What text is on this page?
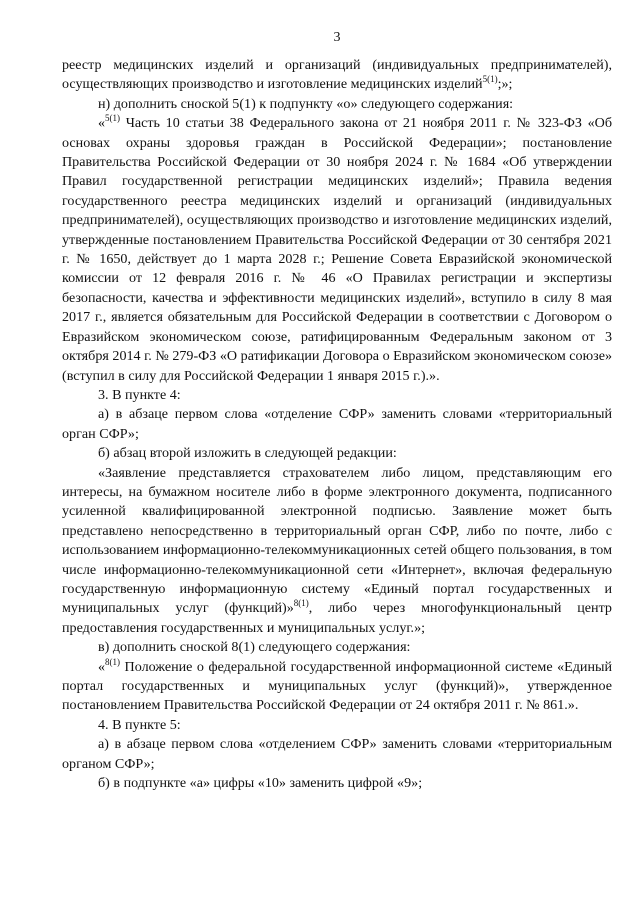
3

реестр медицинских изделий и организаций (индивидуальных предпринимателей), осуществляющих производство и изготовление медицинских изделий$^{5(1)}$;»;

н) дополнить сноской 5(1) к подпункту «о» следующего содержания:

«$^{5(1)}$ Часть 10 статьи 38 Федерального закона от 21 ноября 2011 г. № 323-ФЗ «Об основах охраны здоровья граждан в Российской Федерации»; постановление Правительства Российской Федерации от 30 ноября 2024 г. № 1684 «Об утверждении Правил государственной регистрации медицинских изделий»; Правила ведения государственного реестра медицинских изделий и организаций (индивидуальных предпринимателей), осуществляющих производство и изготовление медицинских изделий, утвержденные постановлением Правительства Российской Федерации от 30 сентября 2021 г. № 1650, действует до 1 марта 2028 г.; Решение Совета Евразийской экономической комиссии от 12 февраля 2016 г. № 46 «О Правилах регистрации и экспертизы безопасности, качества и эффективности медицинских изделий», вступило в силу 8 мая 2017 г., является обязательным для Российской Федерации в соответствии с Договором о Евразийском экономическом союзе, ратифицированным Федеральным законом от 3 октября 2014 г. № 279-ФЗ «О ратификации Договора о Евразийском экономическом союзе» (вступил в силу для Российской Федерации 1 января 2015 г.).».

3. В пункте 4:

а) в абзаце первом слова «отделение СФР» заменить словами «территориальный орган СФР»;

б) абзац второй изложить в следующей редакции:

«Заявление представляется страхователем либо лицом, представляющим его интересы, на бумажном носителе либо в форме электронного документа, подписанного усиленной квалифицированной электронной подписью. Заявление может быть представлено непосредственно в территориальный орган СФР, либо по почте, либо с использованием информационно-телекоммуникационных сетей общего пользования, в том числе информационно-телекоммуникационной сети «Интернет», включая федеральную государственную информационную систему «Единый портал государственных и муниципальных услуг (функций)»$^{8(1)}$, либо через многофункциональный центр предоставления государственных и муниципальных услуг.»;

в) дополнить сноской 8(1) следующего содержания:

«$^{8(1)}$ Положение о федеральной государственной информационной системе «Единый портал государственных и муниципальных услуг (функций)», утвержденное постановлением Правительства Российской Федерации от 24 октября 2011 г. № 861.».

4. В пункте 5:

а) в абзаце первом слова «отделением СФР» заменить словами «территориальным органом СФР»;

б) в подпункте «а» цифры «10» заменить цифрой «9»;
